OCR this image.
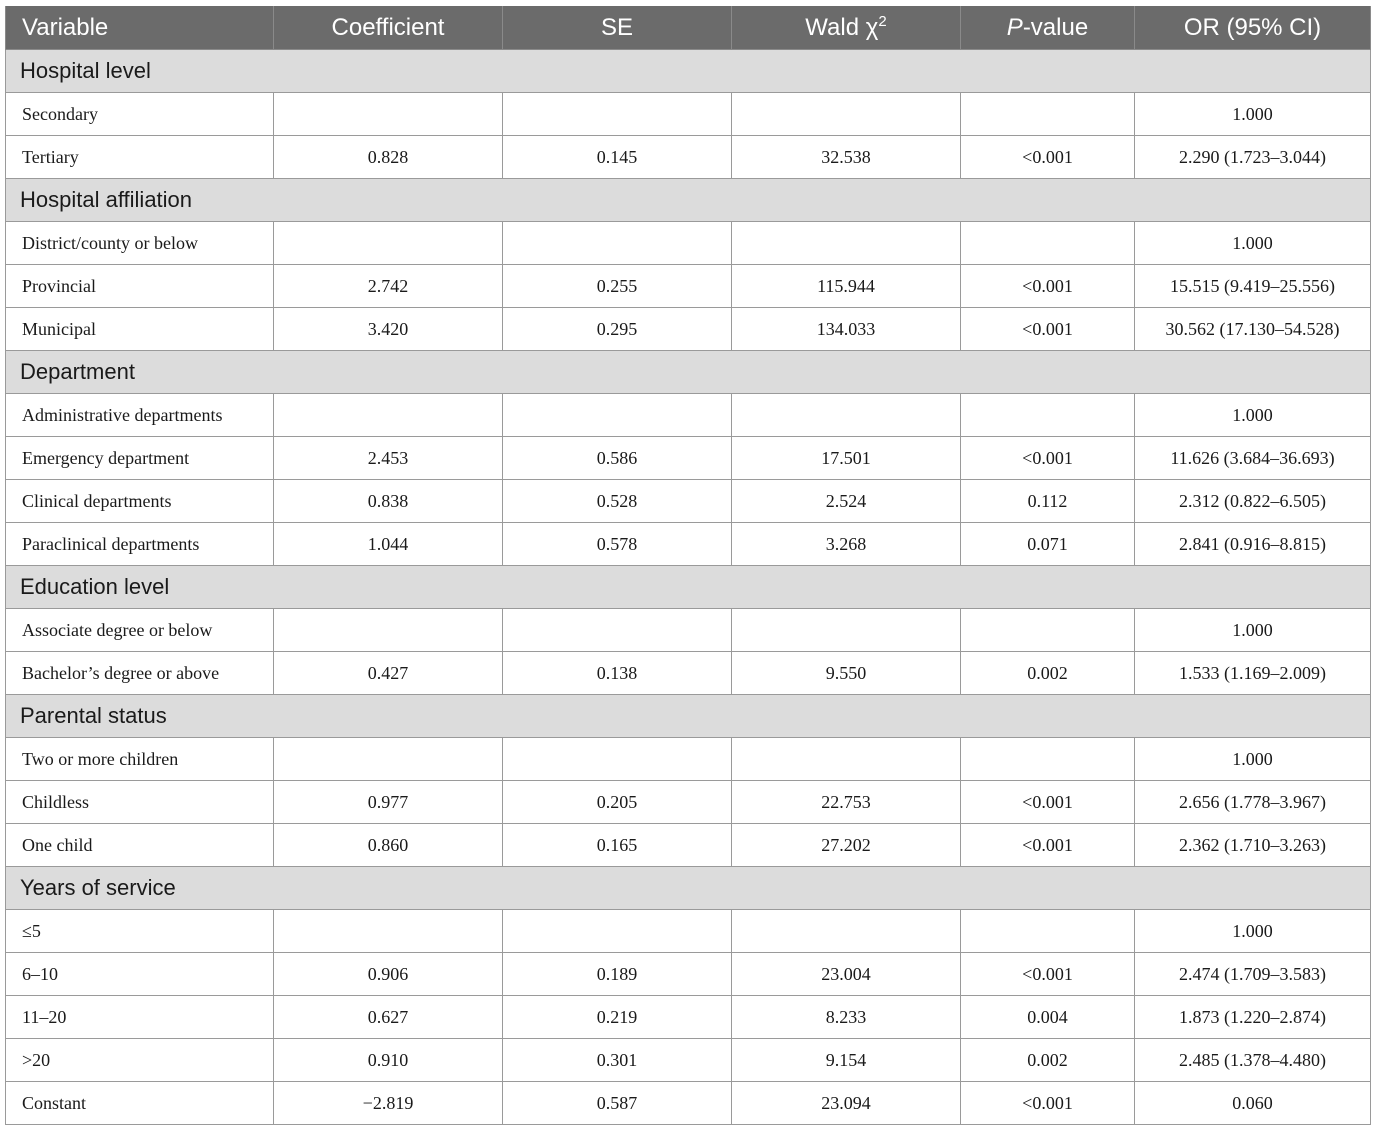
Variable	Coefficient	SE	Wald $\chi^2$	P-value	OR (95% CI)
Hospital level					
Secondary					1.000
Tertiary	0.828	0.145	32.538	<0.001	2.290 (1.723–3.044)
Hospital affiliation					
District/county or below					1.000
Provincial	2.742	0.255	115.944	<0.001	15.515 (9.419–25.556)
Municipal	3.420	0.295	134.033	<0.001	30.562 (17.130–54.528)
Department					
Administrative departments					1.000
Emergency department	2.453	0.586	17.501	<0.001	11.626 (3.684–36.693)
Clinical departments	0.838	0.528	2.524	0.112	2.312 (0.822–6.505)
Paraclinical departments	1.044	0.578	3.268	0.071	2.841 (0.916–8.815)
Education level					
Associate degree or below					1.000
Bachelor’s degree or above	0.427	0.138	9.550	0.002	1.533 (1.169–2.009)
Parental status					
Two or more children					1.000
Childless	0.977	0.205	22.753	<0.001	2.656 (1.778–3.967)
One child	0.860	0.165	27.202	<0.001	2.362 (1.710–3.263)
Years of service					
≤5					1.000
6–10	0.906	0.189	23.004	<0.001	2.474 (1.709–3.583)
11–20	0.627	0.219	8.233	0.004	1.873 (1.220–2.874)
>20	0.910	0.301	9.154	0.002	2.485 (1.378–4.480)
Constant	−2.819	0.587	23.094	<0.001	0.060
